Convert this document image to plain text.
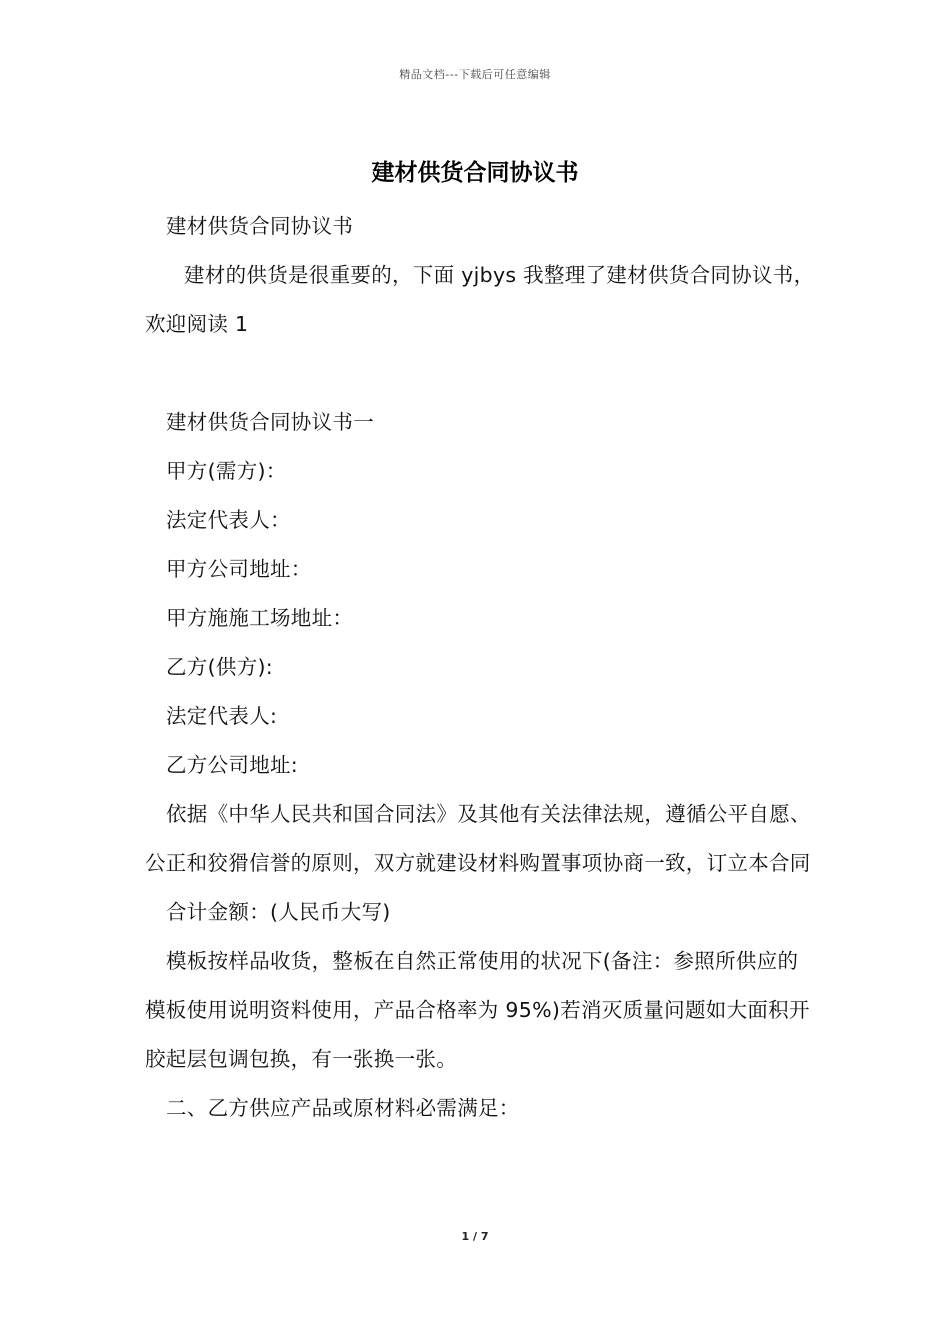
精品文档---下载后可任意编辑
建材供货合同协议书

建材供货合同协议书

建材的供货是很重要的，下面 yjbys 我整理了建材供货合同协议书，欢迎阅读 1

建材供货合同协议书一

甲方(需方)：

法定代表人：

甲方公司地址：

甲方施施工场地址：

乙方(供方):

法定代表人:

乙方公司地址:

依据《中华人民共和国合同法》及其他有关法律法规，遵循公平自愿、公正和狡猾信誉的原则，双方就建设材料购置事项协商一致，订立本合同

合计金额：(人民币大写)

模板按样品收货，整板在自然正常使用的状况下(备注：参照所供应的模板使用说明资料使用，产品合格率为 95%)若消灭质量问题如大面积开胶起层包调包换，有一张换一张。

二、乙方供应产品或原材料必需满足：

1 / 7
